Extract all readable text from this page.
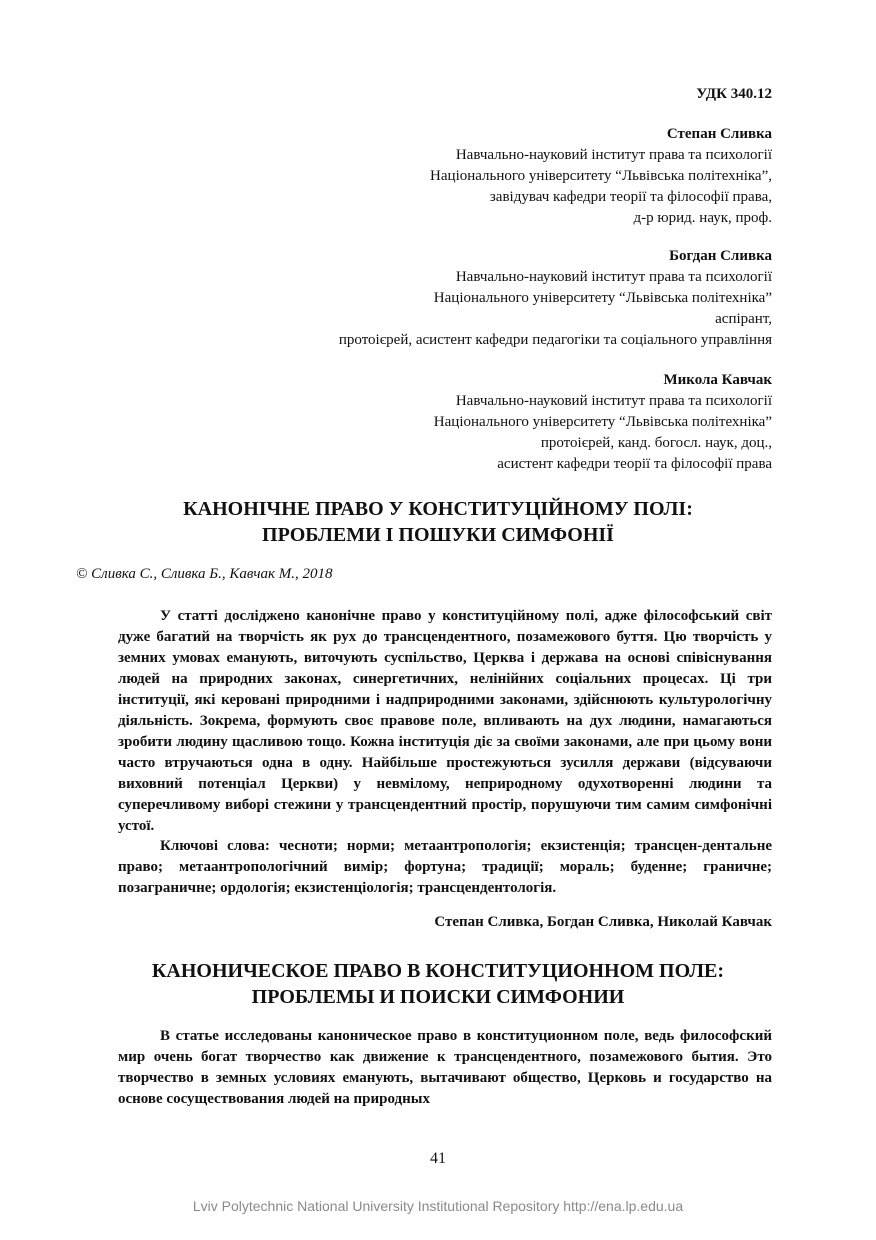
УДК 340.12
Степан Сливка
Навчально-науковий інститут права та психології
Національного університету “Львівська політехніка”,
завідувач кафедри теорії та філософії права,
д-р юрид. наук, проф.
Богдан Сливка
Навчально-науковий інститут права та психології
Національного університету “Львівська політехніка”
аспірант,
протоієрей, асистент кафедри педагогіки та соціального управління
Микола Кавчак
Навчально-науковий інститут права та психології
Національного університету “Львівська політехніка”
протоієрей, канд. богосл. наук, доц.,
асистент кафедри теорії та філософії права
КАНОНІЧНЕ ПРАВО У КОНСТИТУЦІЙНОМУ ПОЛІ:
ПРОБЛЕМИ І ПОШУКИ СИМФОНІЇ
© Сливка С., Сливка Б., Кавчак М., 2018

У статті досліджено канонічне право у конституційному полі, адже філософський світ дуже багатий на творчість як рух до трансцендентного, позамежового буття. Цю творчість у земних умовах еманують, виточують суспільство, Церква і держава на основі співіснування людей на природних законах, синергетичних, нелінійних соціальних процесах. Ці три інституції, які керовані природними і надприродними законами, здійснюють культурологічну діяльність. Зокрема, формують своє правове поле, впливають на дух людини, намагаються зробити людину щасливою тощо. Кожна інституція діє за своїми законами, але при цьому вони часто втручаються одна в одну. Найбільше простежуються зусилля держави (відсуваючи виховний потенціал Церкви) у невмілому, неприродному одухотворенні людини та суперечливому виборі стежини у трансцендентний простір, порушуючи тим самим симфонічні устої.

Ключові слова: чесноти; норми; метаантропологія; екзистенція; трансцен-дентальне право; метаантропологічний вимір; фортуна; традиції; мораль; буденне; граничне; позаграничне; ордологія; екзистенціологія; трансцендентологія.

Степан Сливка, Богдан Сливка, Николай Кавчак
КАНОНИЧЕСКОЕ ПРАВО В КОНСТИТУЦИОННОМ ПОЛЕ:
ПРОБЛЕМЫ И ПОИСКИ СИМФОНИИ

В статье исследованы каноническое право в конституционном поле, ведь философский мир очень богат творчество как движение к трансцендентного, позамежового бытия. Это творчество в земных условиях еманують, вытачивают общество, Церковь и государство на основе сосуществования людей на природных

41
Lviv Polytechnic National University Institutional Repository http://ena.lp.edu.ua
